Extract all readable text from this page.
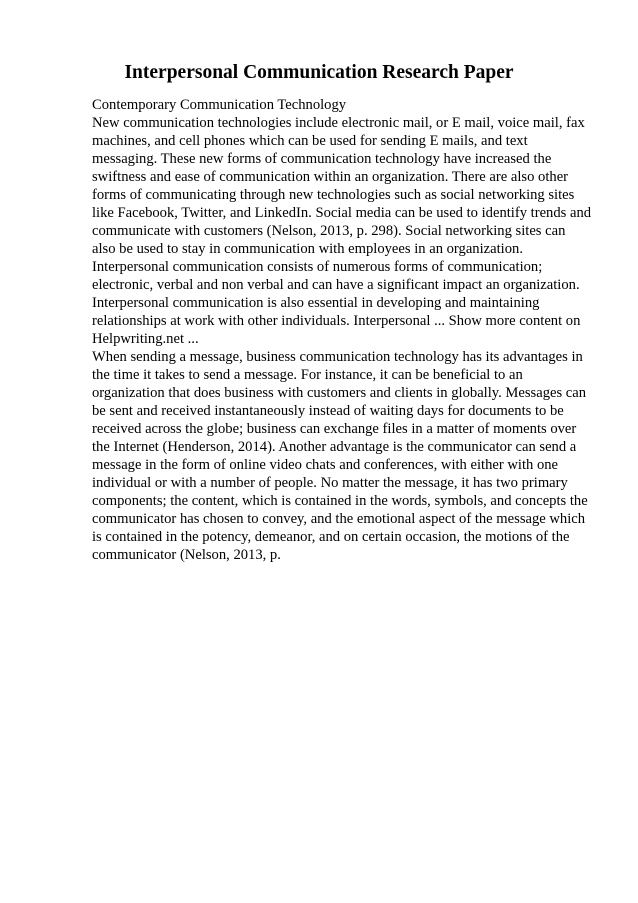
Interpersonal Communication Research Paper

Contemporary Communication Technology

New communication technologies include electronic mail, or E mail, voice mail, fax

machines, and cell phones which can be used for sending E mails, and text

messaging. These new forms of communication technology have increased the

swiftness and ease of communication within an organization. There are also other

forms of communicating through new technologies such as social networking sites

like Facebook, Twitter, and LinkedIn. Social media can be used to identify trends and

communicate with customers (Nelson, 2013, p. 298). Social networking sites can

also be used to stay in communication with employees in an organization.

Interpersonal communication consists of numerous forms of communication;

electronic, verbal and non verbal and can have a significant impact an organization.

Interpersonal communication is also essential in developing and maintaining

relationships at work with other individuals. Interpersonal ... Show more content on

Helpwriting.net ...

When sending a message, business communication technology has its advantages in

the time it takes to send a message. For instance, it can be beneficial to an

organization that does business with customers and clients in globally. Messages can

be sent and received instantaneously instead of waiting days for documents to be

received across the globe; business can exchange files in a matter of moments over

the Internet (Henderson, 2014). Another advantage is the communicator can send a

message in the form of online video chats and conferences, with either with one

individual or with a number of people. No matter the message, it has two primary

components; the content, which is contained in the words, symbols, and concepts the

communicator has chosen to convey, and the emotional aspect of the message which

is contained in the potency, demeanor, and on certain occasion, the motions of the

communicator (Nelson, 2013, p.
